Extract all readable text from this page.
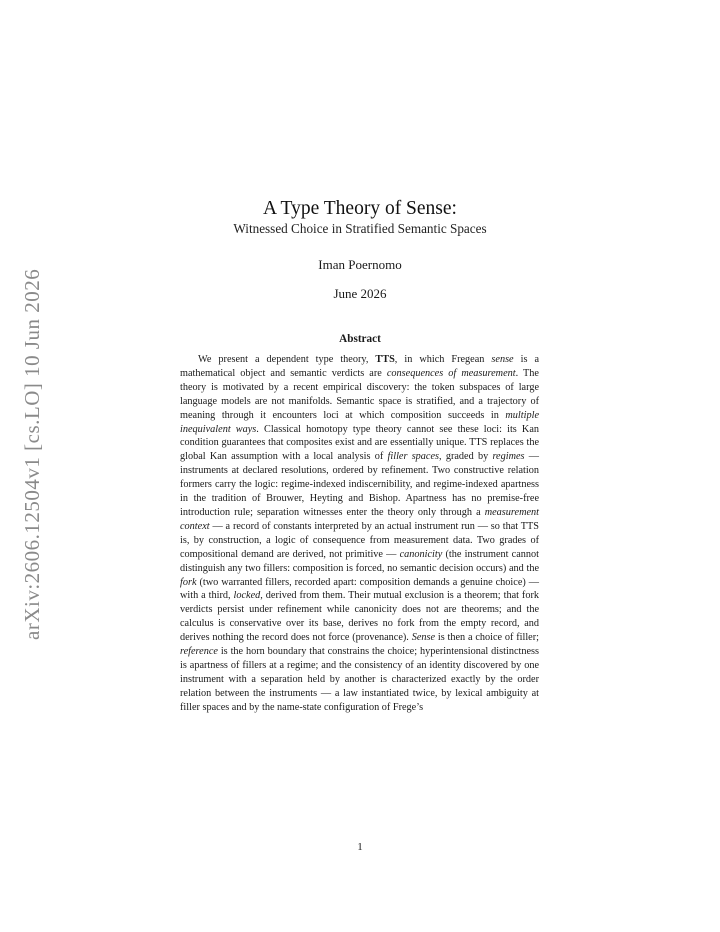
arXiv:2606.12504v1 [cs.LO] 10 Jun 2026
A Type Theory of Sense:
Witnessed Choice in Stratified Semantic Spaces
Iman Poernomo
June 2026
Abstract

We present a dependent type theory, TTS, in which Fregean sense is a mathematical object and semantic verdicts are consequences of measurement. The theory is motivated by a recent empirical discovery: the token subspaces of large language models are not manifolds. Semantic space is stratified, and a trajectory of meaning through it encounters loci at which composition succeeds in multiple inequivalent ways. Classical homotopy type theory cannot see these loci: its Kan condition guarantees that composites exist and are essentially unique. TTS replaces the global Kan assumption with a local analysis of filler spaces, graded by regimes — instruments at declared resolutions, ordered by refinement. Two constructive relation formers carry the logic: regime-indexed indiscernibility, and regime-indexed apartness in the tradition of Brouwer, Heyting and Bishop. Apartness has no premise-free introduction rule; separation witnesses enter the theory only through a measurement context — a record of constants interpreted by an actual instrument run — so that TTS is, by construction, a logic of consequence from measurement data. Two grades of compositional demand are derived, not primitive — canonicity (the instrument cannot distinguish any two fillers: composition is forced, no semantic decision occurs) and the fork (two warranted fillers, recorded apart: composition demands a genuine choice) — with a third, locked, derived from them. Their mutual exclusion is a theorem; that fork verdicts persist under refinement while canonicity does not are theorems; and the calculus is conservative over its base, derives no fork from the empty record, and derives nothing the record does not force (provenance). Sense is then a choice of filler; reference is the horn boundary that constrains the choice; hyperintensional distinctness is apartness of fillers at a regime; and the consistency of an identity discovered by one instrument with a separation held by another is characterized exactly by the order relation between the instruments — a law instantiated twice, by lexical ambiguity at filler spaces and by the name-state configuration of Frege’s

1
